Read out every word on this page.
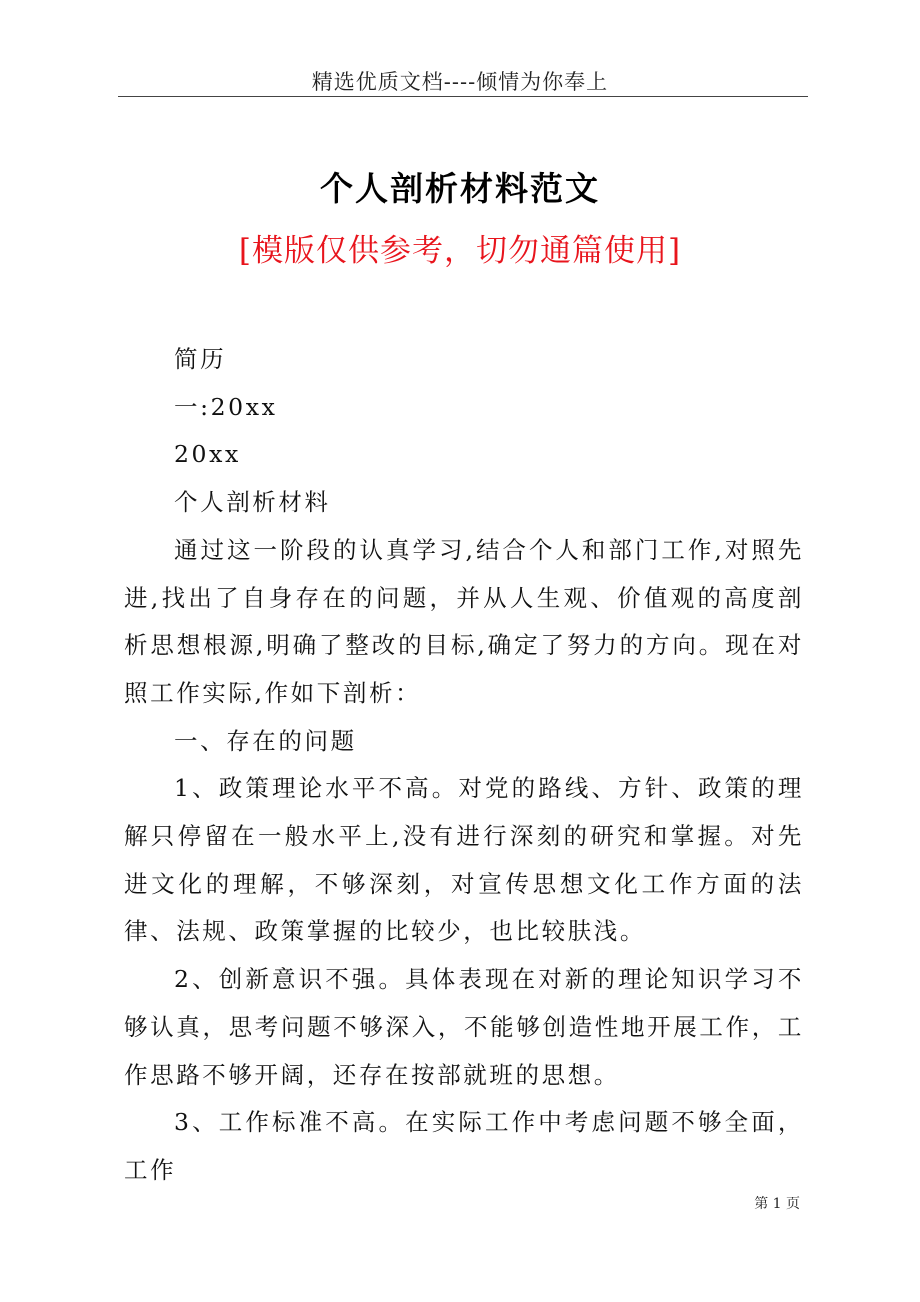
精选优质文档----倾情为你奉上
个人剖析材料范文
[模版仅供参考，切勿通篇使用]

简历

一:20xx

20xx

个人剖析材料

通过这一阶段的认真学习,结合个人和部门工作,对照先进,找出了自身存在的问题，并从人生观、价值观的高度剖析思想根源,明确了整改的目标,确定了努力的方向。现在对照工作实际,作如下剖析：

一、存在的问题

1、政策理论水平不高。对党的路线、方针、政策的理解只停留在一般水平上,没有进行深刻的研究和掌握。对先进文化的理解，不够深刻，对宣传思想文化工作方面的法律、法规、政策掌握的比较少，也比较肤浅。

2、创新意识不强。具体表现在对新的理论知识学习不够认真，思考问题不够深入，不能够创造性地开展工作，工作思路不够开阔，还存在按部就班的思想。

3、工作标准不高。在实际工作中考虑问题不够全面，工作

第 1 页
